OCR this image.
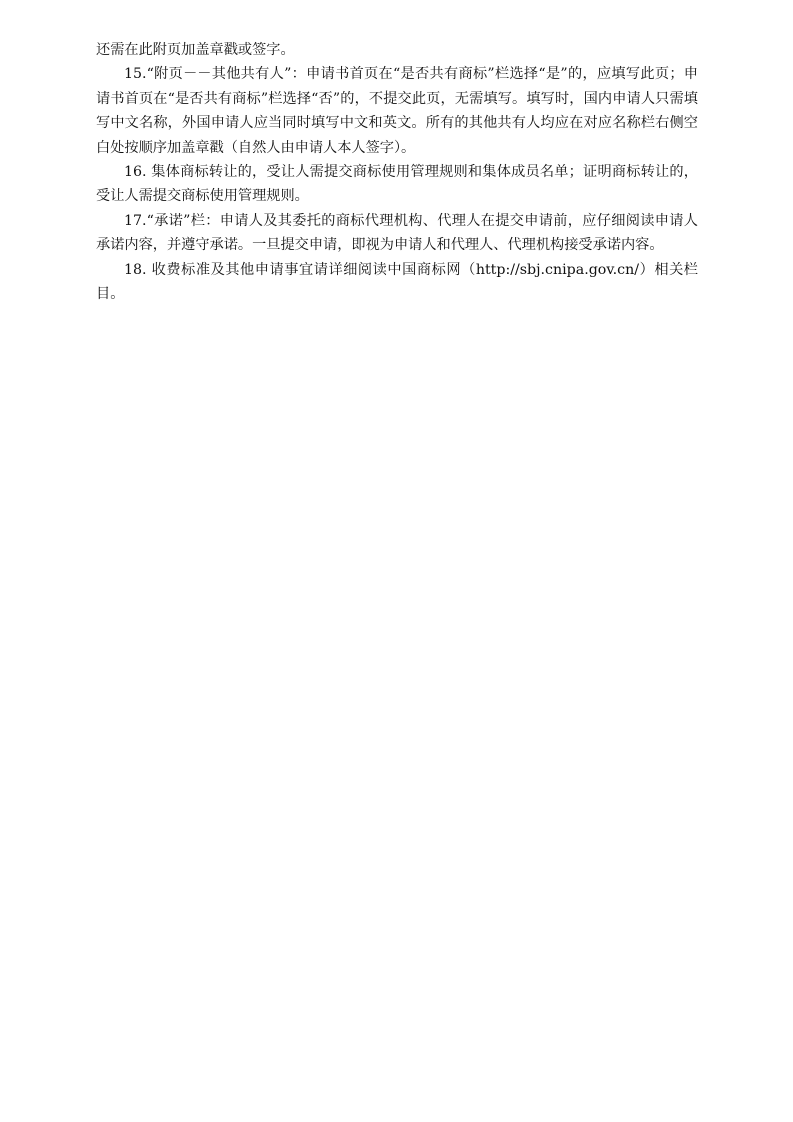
还需在此附页加盖章戳或签字。

15.“附页－－其他共有人”：申请书首页在“是否共有商标”栏选择“是”的，应填写此页；申请书首页在“是否共有商标”栏选择“否”的，不提交此页，无需填写。填写时，国内申请人只需填写中文名称，外国申请人应当同时填写中文和英文。所有的其他共有人均应在对应名称栏右侧空白处按顺序加盖章戳（自然人由申请人本人签字）。

16. 集体商标转让的，受让人需提交商标使用管理规则和集体成员名单；证明商标转让的，受让人需提交商标使用管理规则。

17.“承诺”栏：申请人及其委托的商标代理机构、代理人在提交申请前，应仔细阅读申请人承诺内容，并遵守承诺。一旦提交申请，即视为申请人和代理人、代理机构接受承诺内容。

18. 收费标准及其他申请事宜请详细阅读中国商标网（http://sbj.cnipa.gov.cn/）相关栏目。
